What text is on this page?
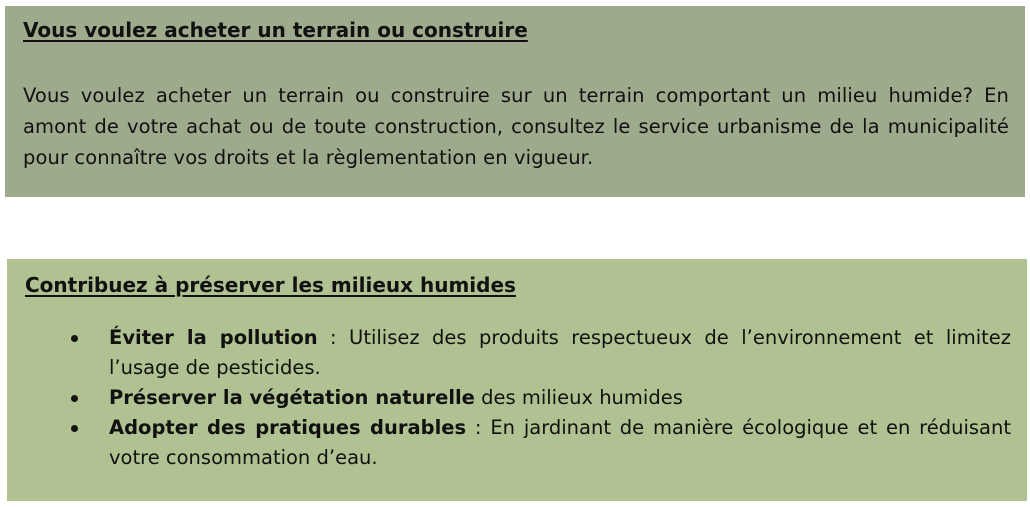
Vous voulez acheter un terrain ou construire

Vous voulez acheter un terrain ou construire sur un terrain comportant un milieu humide? En amont de votre achat ou de toute construction, consultez le service urbanisme de la municipalité pour connaître vos droits et la règlementation en vigueur.

Contribuez à préserver les milieux humides
Éviter la pollution : Utilisez des produits respectueux de l’environnement et limitez l’usage de pesticides.
Préserver la végétation naturelle des milieux humides
Adopter des pratiques durables : En jardinant de manière écologique et en réduisant votre consommation d’eau.
